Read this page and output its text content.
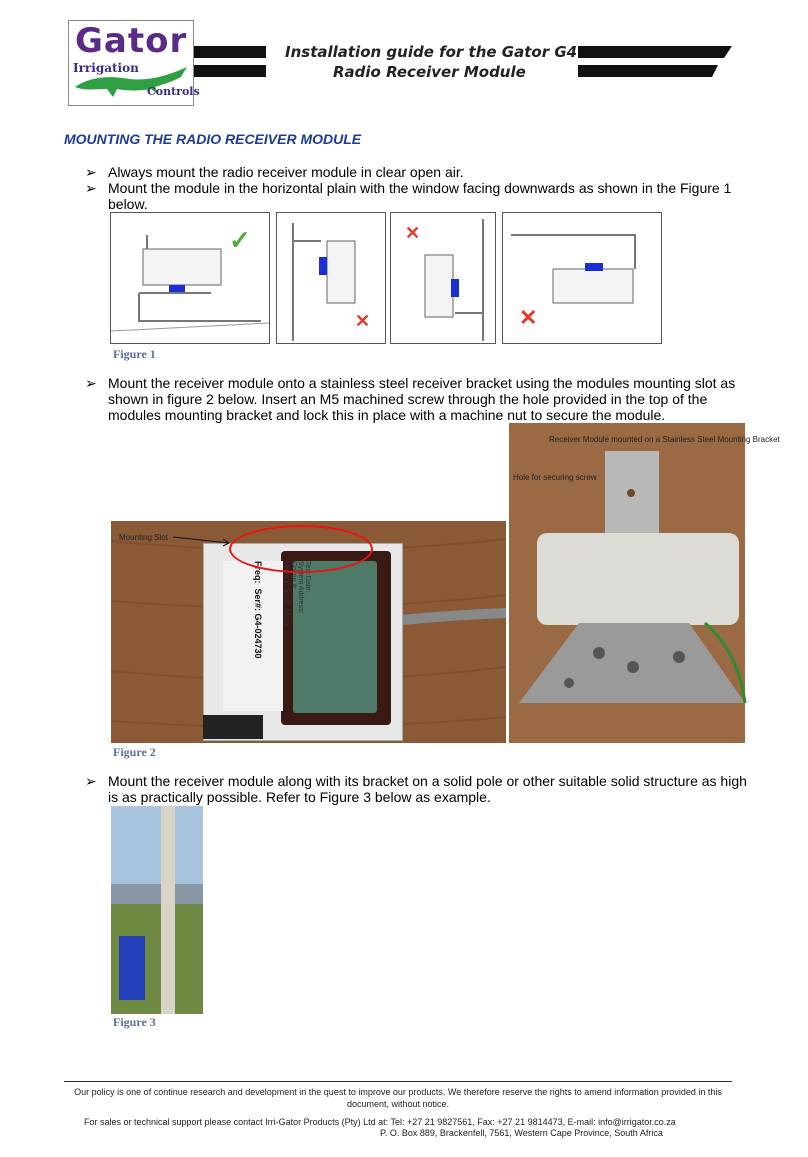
Gator
Irrigation
Controls
Installation guide for the Gator G4
Radio Receiver Module
MOUNTING THE RADIO RECEIVER MODULE
➢ Always mount the radio receiver module in clear open air.
➢ Mount the module in the horizontal plain with the window facing downwards as shown in the Figure 1 below.
✓
✕
✕
✕
Figure 1
➢ Mount the receiver module onto a stainless steel receiver bracket using the modules mounting slot as shown in figure 2 below. Insert an M5 machined screw through the hole provided in the top of the modules mounting bracket and lock this in place with a machine nut to secure the module.
Test Date:
System Address:
Colour #:
Made in South Africa
Freq:  Ser#: G4-024730
Mounting Slot
Receiver Module mounted on a Stainless Steel Mounting Bracket
Hole for securing screw
Figure 2
➢ Mount the receiver module along with its bracket on a solid pole or other suitable solid structure as high is as practically possible. Refer to Figure 3 below as example.
Figure 3
Our policy is one of continue research and development in the quest to improve our products. We therefore reserve the rights to amend information provided in this document, without notice.
For sales or technical support please contact Irri-Gator Products (Pty) Ltd at: Tel: +27 21 9827561, Fax: +27 21 9814473, E-mail: info@irrigator.co.za
P. O. Box 889, Brackenfell, 7561, Western Cape Province, South Africa
